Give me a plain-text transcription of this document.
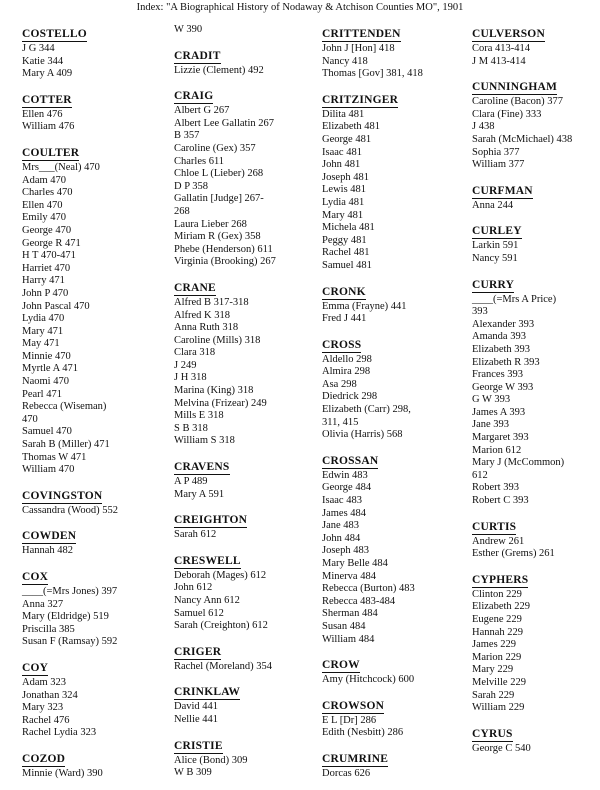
Index: "A Biographical History of Nodaway & Atchison Counties MO", 1901
COSTELLO

J G 344
Katie 344
Mary A 409
COTTER

Ellen 476
William 476
COULTER

Mrs___(Neal) 470
Adam 470
Charles 470
Ellen 470
Emily 470
George 470
George R 471
H T 470-471
Harriet 470
Harry 471
John P 470
John Pascal 470
Lydia 470
Mary 471
May 471
Minnie 470
Myrtle A 471
Naomi 470
Pearl 471
Rebecca (Wiseman)
470
Samuel 470
Sarah B (Miller) 471
Thomas W 471
William 470
COVINGSTON

Cassandra (Wood) 552
COWDEN

Hannah 482
COX

____(=Mrs Jones) 397
Anna 327
Mary (Eldridge) 519
Priscilla 385
Susan F (Ramsay) 592
COY

Adam 323
Jonathan 324
Mary 323
Rachel 476
Rachel Lydia 323
COZOD

Minnie (Ward) 390
W 390
CRADIT

Lizzie (Clement) 492
CRAIG

Albert G 267
Albert Lee Gallatin 267
B 357
Caroline (Gex) 357
Charles 611
Chloe L (Lieber) 268
D P 358
Gallatin [Judge] 267-
268
Laura Lieber 268
Miriam R (Gex) 358
Phebe (Henderson) 611
Virginia (Brooking) 267
CRANE

Alfred B 317-318
Alfred K 318
Anna Ruth 318
Caroline (Mills) 318
Clara 318
J 249
J H 318
Marina (King) 318
Melvina (Frizear) 249
Mills E 318
S B 318
William S 318
CRAVENS

A P 489
Mary A 591
CREIGHTON

Sarah 612
CRESWELL

Deborah (Mages) 612
John 612
Nancy Ann 612
Samuel 612
Sarah (Creighton) 612
CRIGER

Rachel (Moreland) 354
CRINKLAW

David 441
Nellie 441
CRISTIE

Alice (Bond) 309
W B 309
CRITTENDEN

John J [Hon] 418
Nancy 418
Thomas [Gov] 381, 418
CRITZINGER

Dilita 481
Elizabeth 481
George 481
Isaac 481
John 481
Joseph 481
Lewis 481
Lydia 481
Mary 481
Michela 481
Peggy 481
Rachel 481
Samuel 481
CRONK

Emma (Frayne) 441
Fred J 441
CROSS

Aldello 298
Almira 298
Asa 298
Diedrick 298
Elizabeth (Carr) 298,
311, 415
Olivia (Harris) 568
CROSSAN

Edwin 483
George 484
Isaac 483
James 484
Jane 483
John 484
Joseph 483
Mary Belle 484
Minerva 484
Rebecca (Burton) 483
Rebecca 483-484
Sherman 484
Susan 484
William 484
CROW

Amy (Hitchcock) 600
CROWSON

E L [Dr] 286
Edith (Nesbitt) 286
CRUMRINE

Dorcas 626
CULVERSON

Cora 413-414
J M 413-414
CUNNINGHAM

Caroline (Bacon) 377
Clara (Fine) 333
J 438
Sarah (McMichael) 438
Sophia 377
William 377
CURFMAN

Anna 244
CURLEY

Larkin 591
Nancy 591
CURRY

____(=Mrs A Price)
393
Alexander 393
Amanda 393
Elizabeth 393
Elizabeth R 393
Frances 393
George W 393
G W 393
James A 393
Jane 393
Margaret 393
Marion 612
Mary J (McCommon)
612
Robert 393
Robert C 393
CURTIS

Andrew 261
Esther (Grems) 261
CYPHERS

Clinton 229
Elizabeth 229
Eugene 229
Hannah 229
James 229
Marion 229
Mary 229
Melville 229
Sarah 229
William 229
CYRUS

George C 540
